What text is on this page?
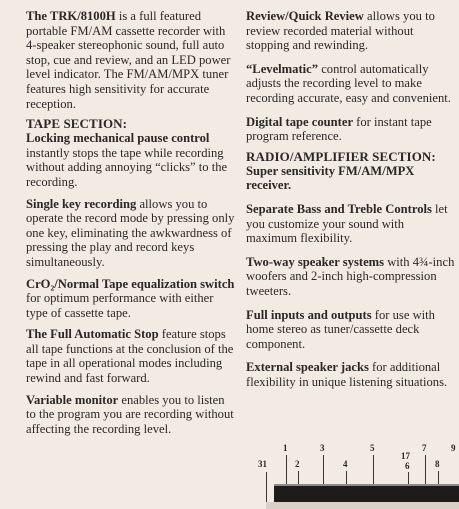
The TRK/8100H is a full featured portable FM/AM cassette recorder with 4-speaker stereophonic sound, full auto stop, cue and review, and an LED power level indicator. The FM/AM/MPX tuner features high sensitivity for accurate reception.

TAPE SECTION:

Locking mechanical pause control instantly stops the tape while recording without adding annoying “clicks” to the recording.

Single key recording allows you to operate the record mode by pressing only one key, eliminating the awkwardness of pressing the play and record keys simultaneously.

CrO₂/Normal Tape equalization switch for optimum performance with either type of cassette tape.

The Full Automatic Stop feature stops all tape functions at the conclusion of the tape in all operational modes including rewind and fast forward.

Variable monitor enables you to listen to the program you are recording without affecting the recording level.

Review/Quick Review allows you to review recorded material without stopping and rewinding.

“Levelmatic” control automatically adjusts the recording level to make recording accurate, easy and convenient.

Digital tape counter for instant tape program reference.

RADIO/AMPLIFIER SECTION:

Super sensitivity FM/AM/MPX receiver.

Separate Bass and Treble Controls let you customize your sound with maximum flexibility.

Two-way speaker systems with 4¾-inch woofers and 2-inch high-compression tweeters.

Full inputs and outputs for use with home stereo as tuner/cassette deck component.

External speaker jacks for additional flexibility in unique listening situations.

31
1
2
3
4
5
17
6
7
8
9
